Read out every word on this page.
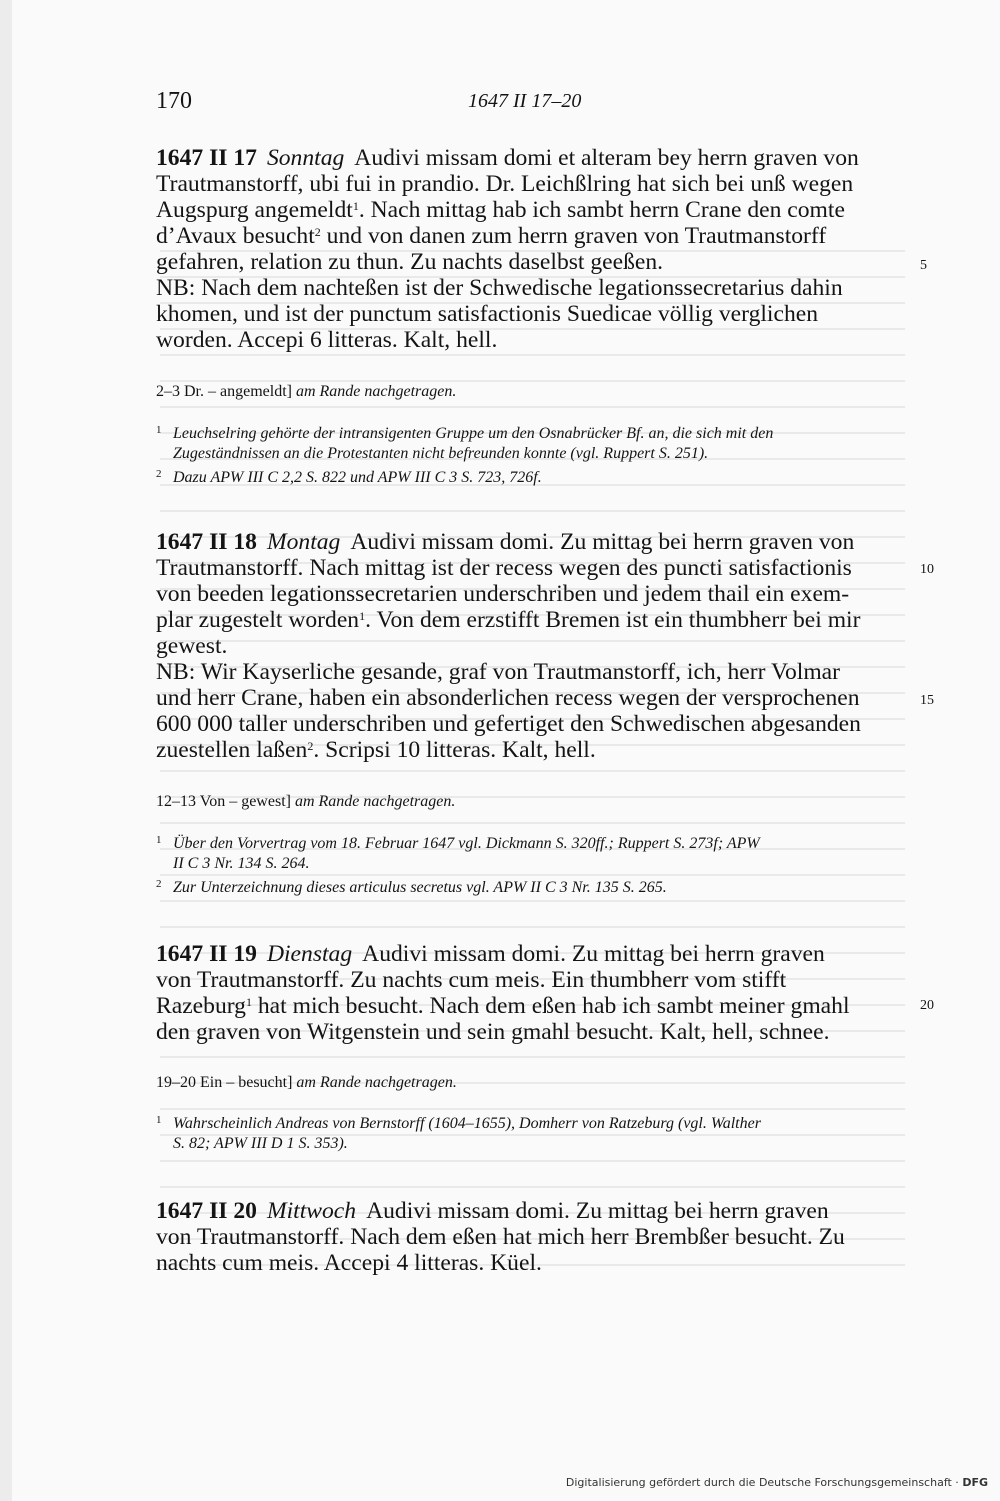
170	1647 II 17–20
1647 II 17 Sonntag Audivi missam domi et alteram bey herrn graven von
Trautmanstorff, ubi fui in prandio. Dr. Leichßlring hat sich bei unß wegen
Augspurg angemeldt$^1$. Nach mittag hab ich sambt herrn Crane den comte
d’Avaux besucht$^2$ und von danen zum herrn graven von Trautmanstorff
gefahren, relation zu thun. Zu nachts daselbst geeßen.
NB: Nach dem nachteßen ist der Schwedische legationssecretarius dahin
khomen, und ist der punctum satisfactionis Suedicae völlig verglichen
worden. Accepi 6 litteras. Kalt, hell.
2–3 Dr. – angemeldt] am Rande nachgetragen.
1 Leuchselring gehörte der intransigenten Gruppe um den Osnabrücker Bf. an, die sich mit den
Zugeständnissen an die Protestanten nicht befreunden konnte (vgl. Ruppert S. 251).
2 Dazu APW III C 2,2 S. 822 und APW III C 3 S. 723, 726f.
1647 II 18 Montag Audivi missam domi. Zu mittag bei herrn graven von
Trautmanstorff. Nach mittag ist der recess wegen des puncti satisfactionis
von beeden legationssecretarien underschriben und jedem thail ein exem-
plar zugestelt worden$^1$. Von dem erzstifft Bremen ist ein thumbherr bei mir
gewest.
NB: Wir Kayserliche gesande, graf von Trautmanstorff, ich, herr Volmar
und herr Crane, haben ein absonderlichen recess wegen der versprochenen
600 000 taller underschriben und gefertiget den Schwedischen abgesanden
zuestellen laßen$^2$. Scripsi 10 litteras. Kalt, hell.
12–13 Von – gewest] am Rande nachgetragen.
1 Über den Vorvertrag vom 18. Februar 1647 vgl. Dickmann S. 320ff.; Ruppert S. 273f; APW
II C 3 Nr. 134 S. 264.
2 Zur Unterzeichnung dieses articulus secretus vgl. APW II C 3 Nr. 135 S. 265.
1647 II 19 Dienstag Audivi missam domi. Zu mittag bei herrn graven
von Trautmanstorff. Zu nachts cum meis. Ein thumbherr vom stifft
Razeburg$^1$ hat mich besucht. Nach dem eßen hab ich sambt meiner gmahl
den graven von Witgenstein und sein gmahl besucht. Kalt, hell, schnee.
19–20 Ein – besucht] am Rande nachgetragen.
1 Wahrscheinlich Andreas von Bernstorff (1604–1655), Domherr von Ratzeburg (vgl. Walther
S. 82; APW III D 1 S. 353).
1647 II 20 Mittwoch Audivi missam domi. Zu mittag bei herrn graven
von Trautmanstorff. Nach dem eßen hat mich herr Brembßer besucht. Zu
nachts cum meis. Accepi 4 litteras. Küel.
5
10
15
20
Digitalisierung gefördert durch die Deutsche Forschungsgemeinschaft · DFG
